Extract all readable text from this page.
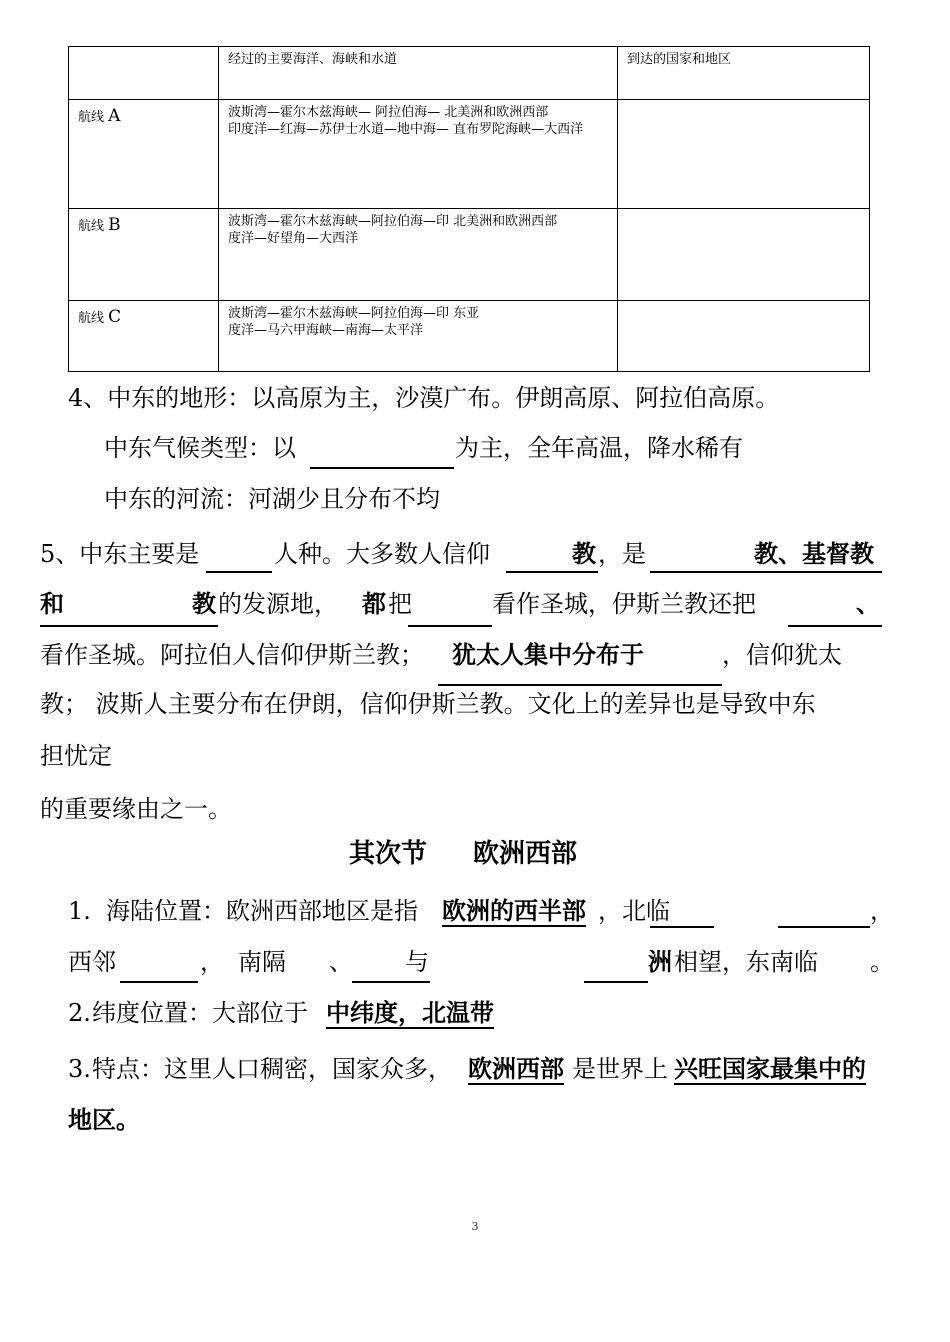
	经过的主要海洋、海峡和水道	到达的国家和地区
航线 A	波斯湾—霍尔木兹海峡— 阿拉伯海— 北美洲和欧洲西部
印度洋—红海—苏伊士水道—地中海— 直布罗陀海峡—大西洋	

航线 B	波斯湾—霍尔木兹海峡—阿拉伯海—印 北美洲和欧洲西部
度洋—好望角—大西洋	

航线 C	波斯湾—霍尔木兹海峡—阿拉伯海—印 东亚
度洋—马六甲海峡—南海—太平洋	

4、中东的地形：以高原为主，沙漠广布。伊朗高原、阿拉伯高原。
中东气候类型：以	为主，全年高温，降水稀有
中东的河流：河湖少且分布不均
5、中东主要是	人种。大多数人信仰	教 ，是	教、基督教
和	教 的发源地， 都 把	看作圣城，伊斯兰教还把	、
看作圣城。阿拉伯人信仰伊斯兰教； 犹太人集中分布于	，信仰犹太
教； 波斯人主要分布在伊朗，信仰伊斯兰教。文化上的差异也是导致中东
担忧定
的重要缘由之一。
其次节 欧洲西部
1. 海陆位置：欧洲西部地区是指 欧洲的西半部 ，北临	，
西邻	， 南隔 、 与	洲 相望，东南临 。
2. 纬度位置：大部位于 中纬度，北温带
3. 特点：这里人口稠密，国家众多， 欧洲西部 是世界上 兴旺国家最集中的
地区。
3
